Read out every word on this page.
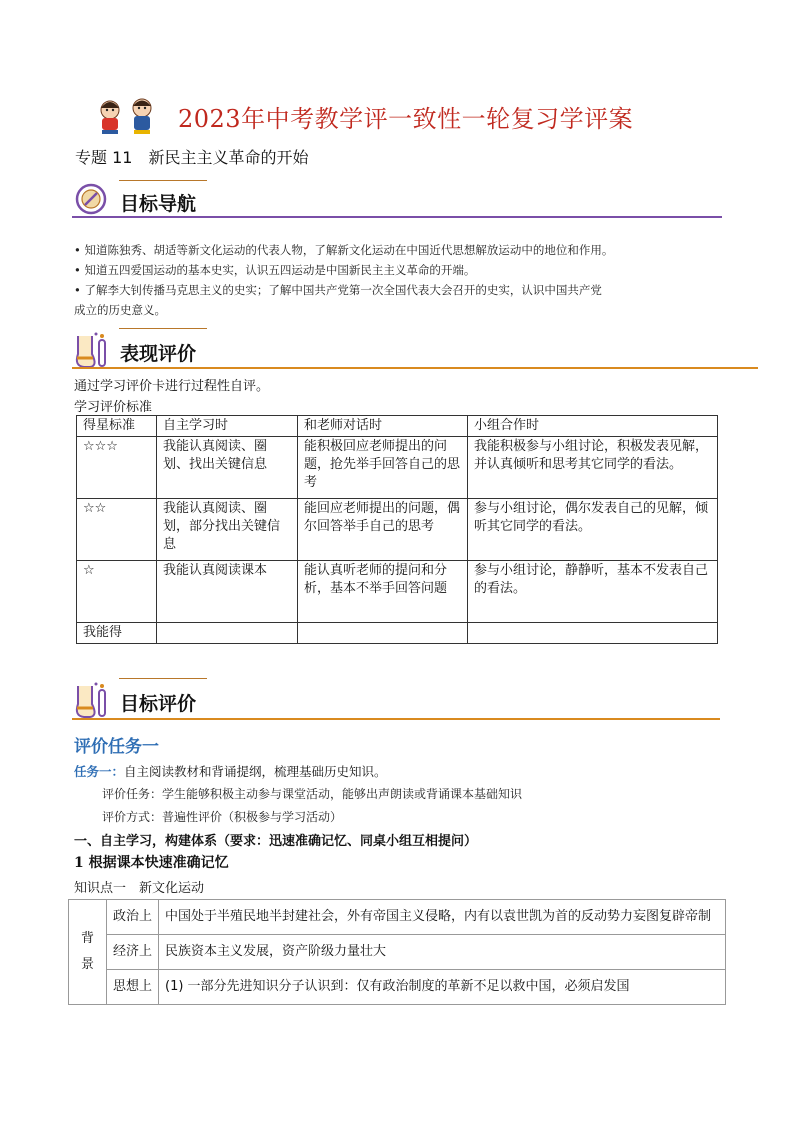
2023年中考教学评一致性一轮复习学评案
专题 11　新民主主义革命的开始
目标导航
• 知道陈独秀、胡适等新文化运动的代表人物，了解新文化运动在中国近代思想解放运动中的地位和作用。
• 知道五四爱国运动的基本史实，认识五四运动是中国新民主主义革命的开端。
• 了解李大钊传播马克思主义的史实；了解中国共产党第一次全国代表大会召开的史实，认识中国共产党
成立的历史意义。
表现评价
通过学习评价卡进行过程性自评。
学习评价标准
得星标准	自主学习时	和老师对话时	小组合作时
☆☆☆	我能认真阅读、圈划、找出关键信息	能积极回应老师提出的问题，抢先举手回答自己的思考	我能积极参与小组讨论，积极发表见解，并认真倾听和思考其它同学的看法。
☆☆	我能认真阅读、圈划，部分找出关键信息	能回应老师提出的问题，偶尔回答举手自己的思考	参与小组讨论，偶尔发表自己的见解，倾听其它同学的看法。
☆	我能认真阅读课本	能认真听老师的提问和分析，基本不举手回答问题	参与小组讨论，静静听，基本不发表自己的看法。
我能得			
目标评价
评价任务一
任务一：自主阅读教材和背诵提纲，梳理基础历史知识。
评价任务：学生能够积极主动参与课堂活动，能够出声朗读或背诵课本基础知识
评价方式：普遍性评价（积极参与学习活动）
一、自主学习，构建体系（要求：迅速准确记忆、同桌小组互相提问）
1 根据课本快速准确记忆
知识点一　新文化运动
背景	政治上	中国处于半殖民地半封建社会，外有帝国主义侵略，内有以袁世凯为首的反动势力妄图复辟帝制
	经济上	民族资本主义发展，资产阶级力量壮大
	思想上	(1) 一部分先进知识分子认识到：仅有政治制度的革新不足以救中国，必须启发国
